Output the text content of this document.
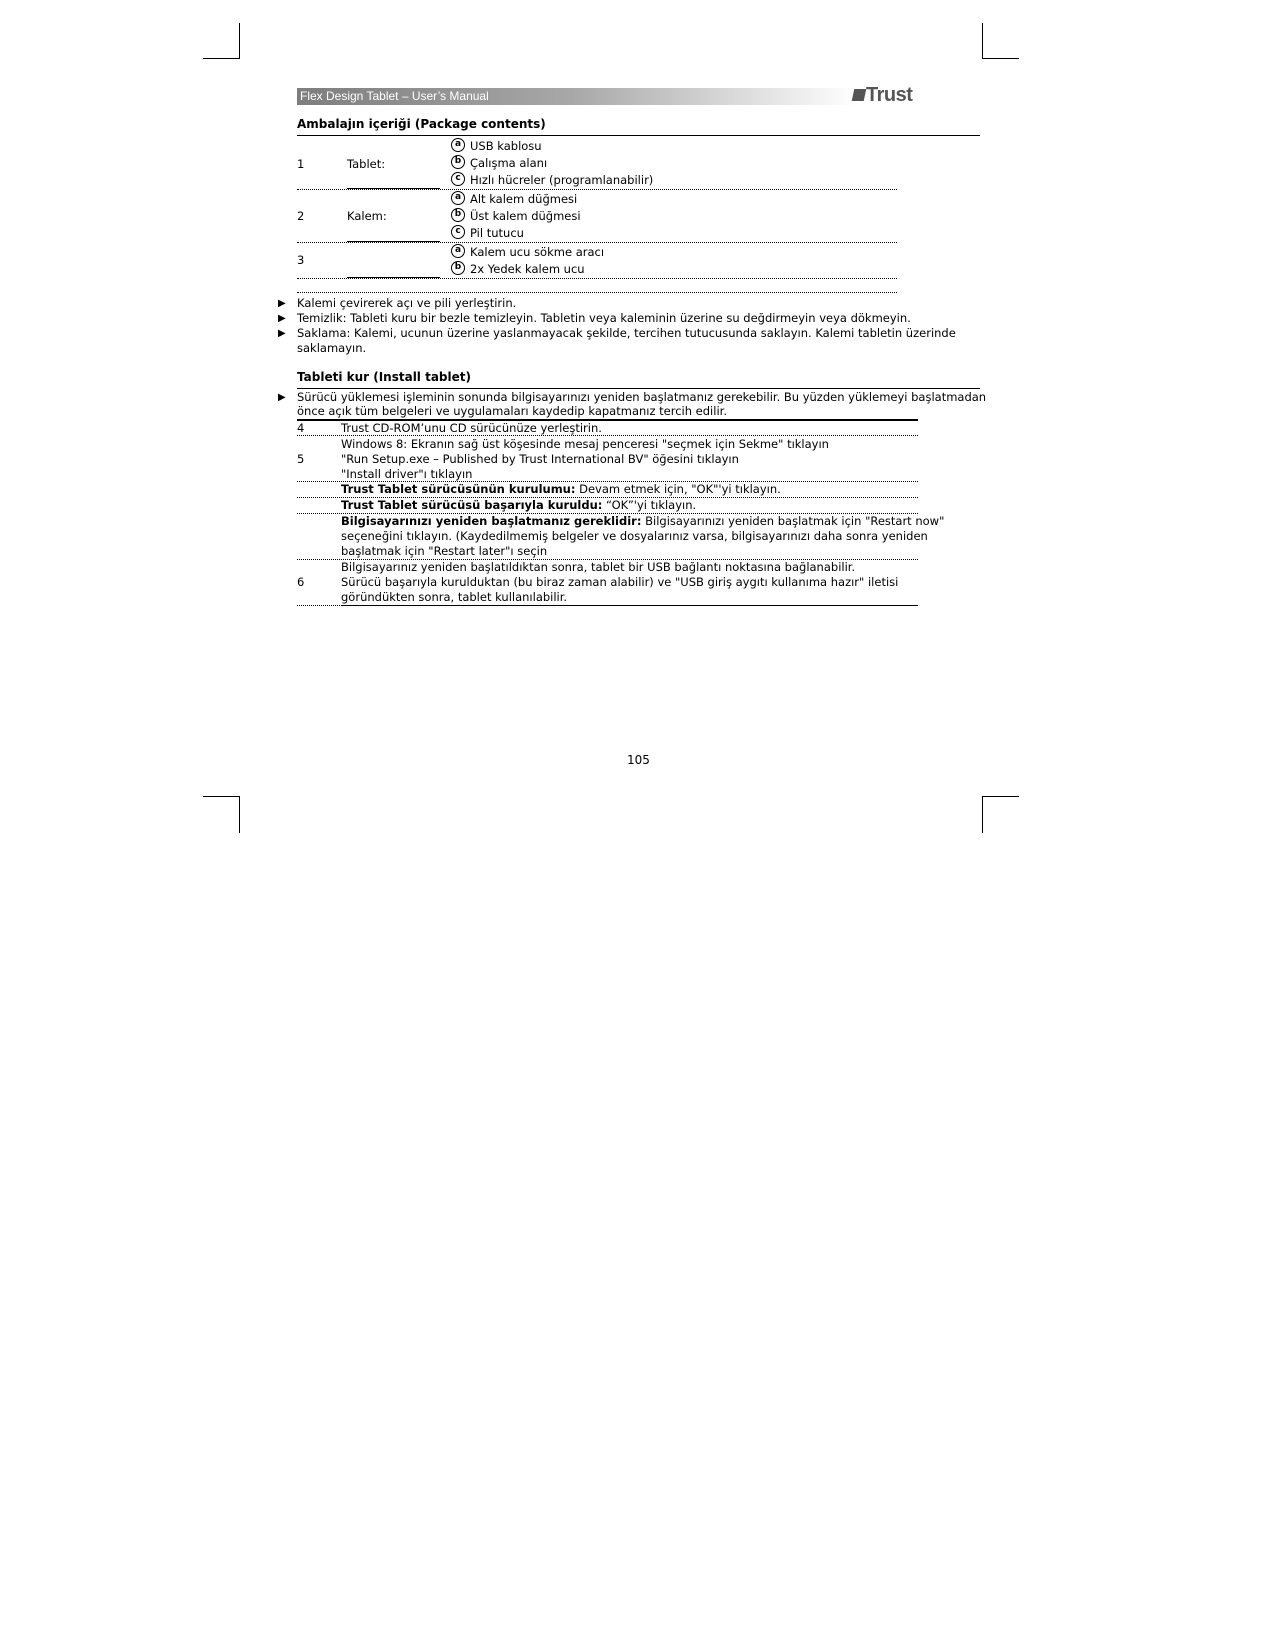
Flex Design Tablet – User’s Manual	Trust
Ambalajın içeriği (Package contents)
1	Tablet:
a USB kablosu
b Çalışma alanı
c Hızlı hücreler (programlanabilir)
2	Kalem:
a Alt kalem düğmesi
b Üst kalem düğmesi
c Pil tutucu
3
a Kalem ucu sökme aracı
b 2x Yedek kalem ucu
▶ Kalemi çevirerek açı ve pili yerleştirin.
▶ Temizlik: Tableti kuru bir bezle temizleyin. Tabletin veya kaleminin üzerine su değdirmeyin veya dökmeyin.
▶ Saklama: Kalemi, ucunun üzerine yaslanmayacak şekilde, tercihen tutucusunda saklayın. Kalemi tabletin üzerinde
saklamayın.
Tableti kur (Install tablet)
▶ Sürücü yüklemesi işleminin sonunda bilgisayarınızı yeniden başlatmanız gerekebilir. Bu yüzden yüklemeyi başlatmadan
önce açık tüm belgeleri ve uygulamaları kaydedip kapatmanız tercih edilir.
4	Trust CD-ROM’unu CD sürücünüze yerleştirin.
Windows 8: Ekranın sağ üst köşesinde mesaj penceresi "seçmek için Sekme" tıklayın
5	"Run Setup.exe – Published by Trust International BV" öğesini tıklayın
"Install driver"ı tıklayın
Trust Tablet sürücüsünün kurulumu: Devam etmek için, "OK"'yi tıklayın.
Trust Tablet sürücüsü başarıyla kuruldu: “OK”'yi tıklayın.
Bilgisayarınızı yeniden başlatmanız gereklidir: Bilgisayarınızı yeniden başlatmak için "Restart now"
seçeneğini tıklayın. (Kaydedilmemiş belgeler ve dosyalarınız varsa, bilgisayarınızı daha sonra yeniden
başlatmak için "Restart later"ı seçin
Bilgisayarınız yeniden başlatıldıktan sonra, tablet bir USB bağlantı noktasına bağlanabilir.
6	Sürücü başarıyla kurulduktan (bu biraz zaman alabilir) ve "USB giriş aygıtı kullanıma hazır" iletisi
göründükten sonra, tablet kullanılabilir.
105
